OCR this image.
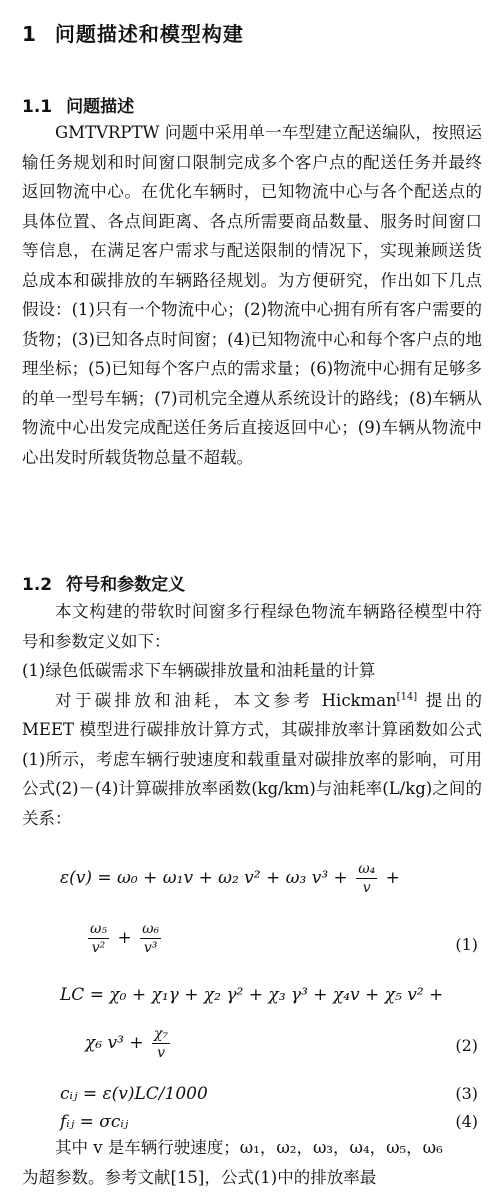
1 问题描述和模型构建
1.1 问题描述

GMTVRPTW 问题中采用单一车型建立配送编队，按照运输任务规划和时间窗口限制完成多个客户点的配送任务并最终返回物流中心。在优化车辆时，已知物流中心与各个配送点的具体位置、各点间距离、各点所需要商品数量、服务时间窗口等信息，在满足客户需求与配送限制的情况下，实现兼顾送货总成本和碳排放的车辆路径规划。为方便研究，作出如下几点假设：(1)只有一个物流中心；(2)物流中心拥有所有客户需要的货物；(3)已知各点时间窗；(4)已知物流中心和每个客户点的地理坐标；(5)已知每个客户点的需求量；(6)物流中心拥有足够多的单一型号车辆；(7)司机完全遵从系统设计的路线；(8)车辆从物流中心出发完成配送任务后直接返回中心；(9)车辆从物流中心出发时所载货物总量不超载。

1.2 符号和参数定义

本文构建的带软时间窗多行程绿色物流车辆路径模型中符号和参数定义如下：

(1)绿色低碳需求下车辆碳排放量和油耗量的计算

对于碳排放和油耗，本文参考 Hickman[14] 提出的 MEET 模型进行碳排放计算方式，其碳排放率计算函数如公式(1)所示，考虑车辆行驶速度和载重量对碳排放率的影响，可用公式(2)－(4)计算碳排放率函数(kg/km)与油耗率(L/kg)之间的关系：

ε(v) = ω₀ + ω₁v + ω₂ v² + ω₃ $v^3 + \frac{\text{ω₄}}{v}$ +
$\frac{\text{ω₅}}{\text{v²}} + \frac{\text{ω₆}}{\text{v³}}$	(1)
LC = χ₀ + χ₁γ + χ₂ γ² + χ₃ γ³ + χ₄v + χ₅ v² +
χ₆ $v^3 + \frac{\text{χ₇}}{v}$	(2)
cᵢⱼ = ε(v)LC/1000	(3)
fᵢⱼ = σcᵢⱼ	(4)

其中 v 是车辆行驶速度；ω₁，ω₂，ω₃，ω₄，ω₅，ω₆

为超参数。参考文献[15]，公式(1)中的排放率最
